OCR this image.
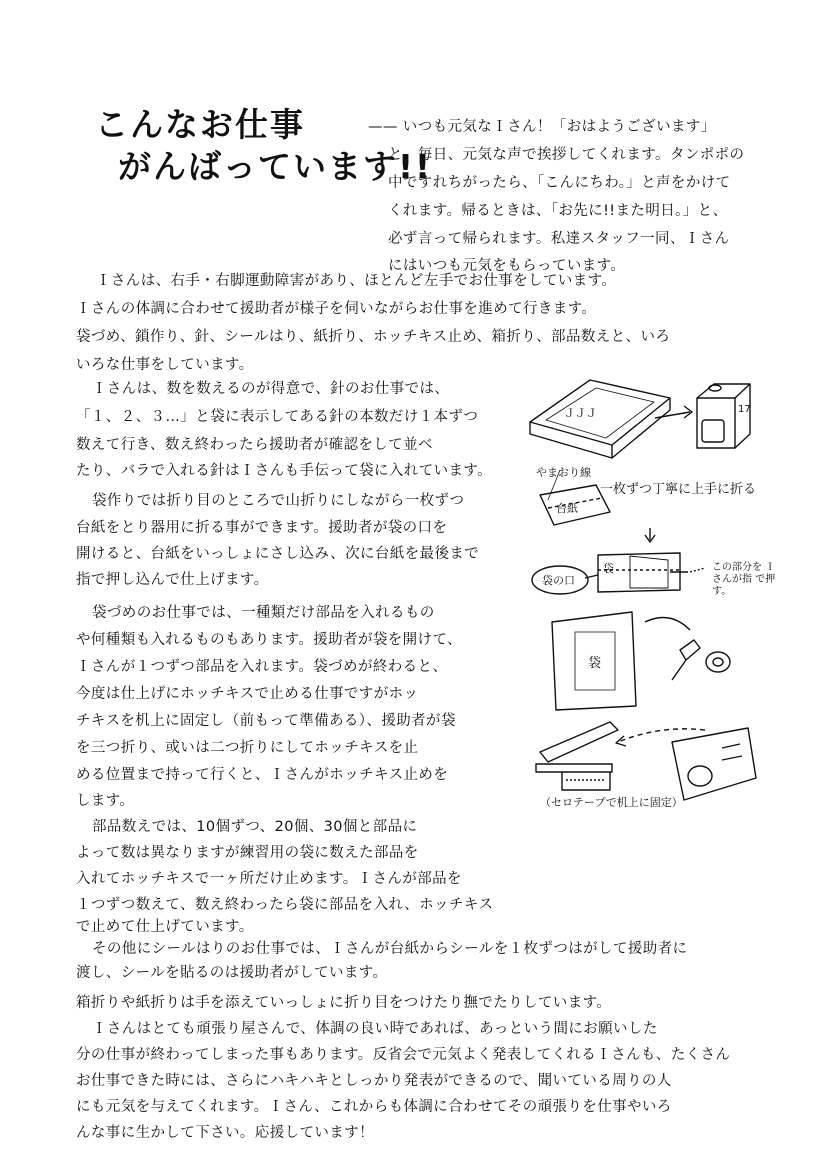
こんなお仕事
がんばっています!!
—— いつも元気なＩさん！「おはようございます」
と、毎日、元気な声で挨拶してくれます。タンポポの
中ですれちがったら、「こんにちわ。」と声をかけて
くれます。帰るときは、「お先に!!また明日。」と、
必ず言って帰られます。私達スタッフ一同、Ｉさん
にはいつも元気をもらっています。
Ｉさんは、右手・右脚運動障害があり、ほとんど左手でお仕事をしています。
Ｉさんの体調に合わせて援助者が様子を伺いながらお仕事を進めて行きます。
袋づめ、鎖作り、針、シールはり、紙折り、ホッチキス止め、箱折り、部品数えと、いろ
いろな仕事をしています。
Ｉさんは、数を数えるのが得意で、針のお仕事では、
「１、２、３…」と袋に表示してある針の本数だけ１本ずつ
数えて行き、数え終わったら援助者が確認をして並べ
たり、バラで入れる針はＩさんも手伝って袋に入れています。
袋作りでは折り目のところで山折りにしながら一枚ずつ
台紙をとり器用に折る事ができます。援助者が袋の口を
開けると、台紙をいっしょにさし込み、次に台紙を最後まで
指で押し込んで仕上げます。
袋づめのお仕事では、一種類だけ部品を入れるもの
や何種類も入れるものもあります。援助者が袋を開けて、
Ｉさんが１つずつ部品を入れます。袋づめが終わると、
今度は仕上げにホッチキスで止める仕事ですがホッ
チキスを机上に固定し（前もって準備ある）、援助者が袋
を三つ折り、或いは二つ折りにしてホッチキスを止
める位置まで持って行くと、Ｉさんがホッチキス止めを
します。
部品数えでは、10個ずつ、20個、30個と部品に
よって数は異なりますが練習用の袋に数えた部品を
入れてホッチキスで一ヶ所だけ止めます。Ｉさんが部品を
１つずつ数えて、数え終わったら袋に部品を入れ、ホッチキス
で止めて仕上げています。
その他にシールはりのお仕事では、Ｉさんが台紙からシールを１枚ずつはがして援助者に
渡し、シールを貼るのは援助者がしています。
箱折りや紙折りは手を添えていっしょに折り目をつけたり撫でたりしています。
Ｉさんはとても頑張り屋さんで、体調の良い時であれば、あっという間にお願いした
分の仕事が終わってしまった事もあります。反省会で元気よく発表してくれるＩさんも、たくさん
お仕事できた時には、さらにハキハキとしっかり発表ができるので、聞いている周りの人
にも元気を与えてくれます。Ｉさん、これからも体調に合わせてその頑張りを仕事やいろ
んな事に生かして下さい。応援しています！
ＪＪＪ	17
やまおり線
一枚ずつ丁寧に上手に折る
台紙
袋の口
袋	この部分を Ｉさんが指 で押す。
袋
（セロテープで机上に固定）
